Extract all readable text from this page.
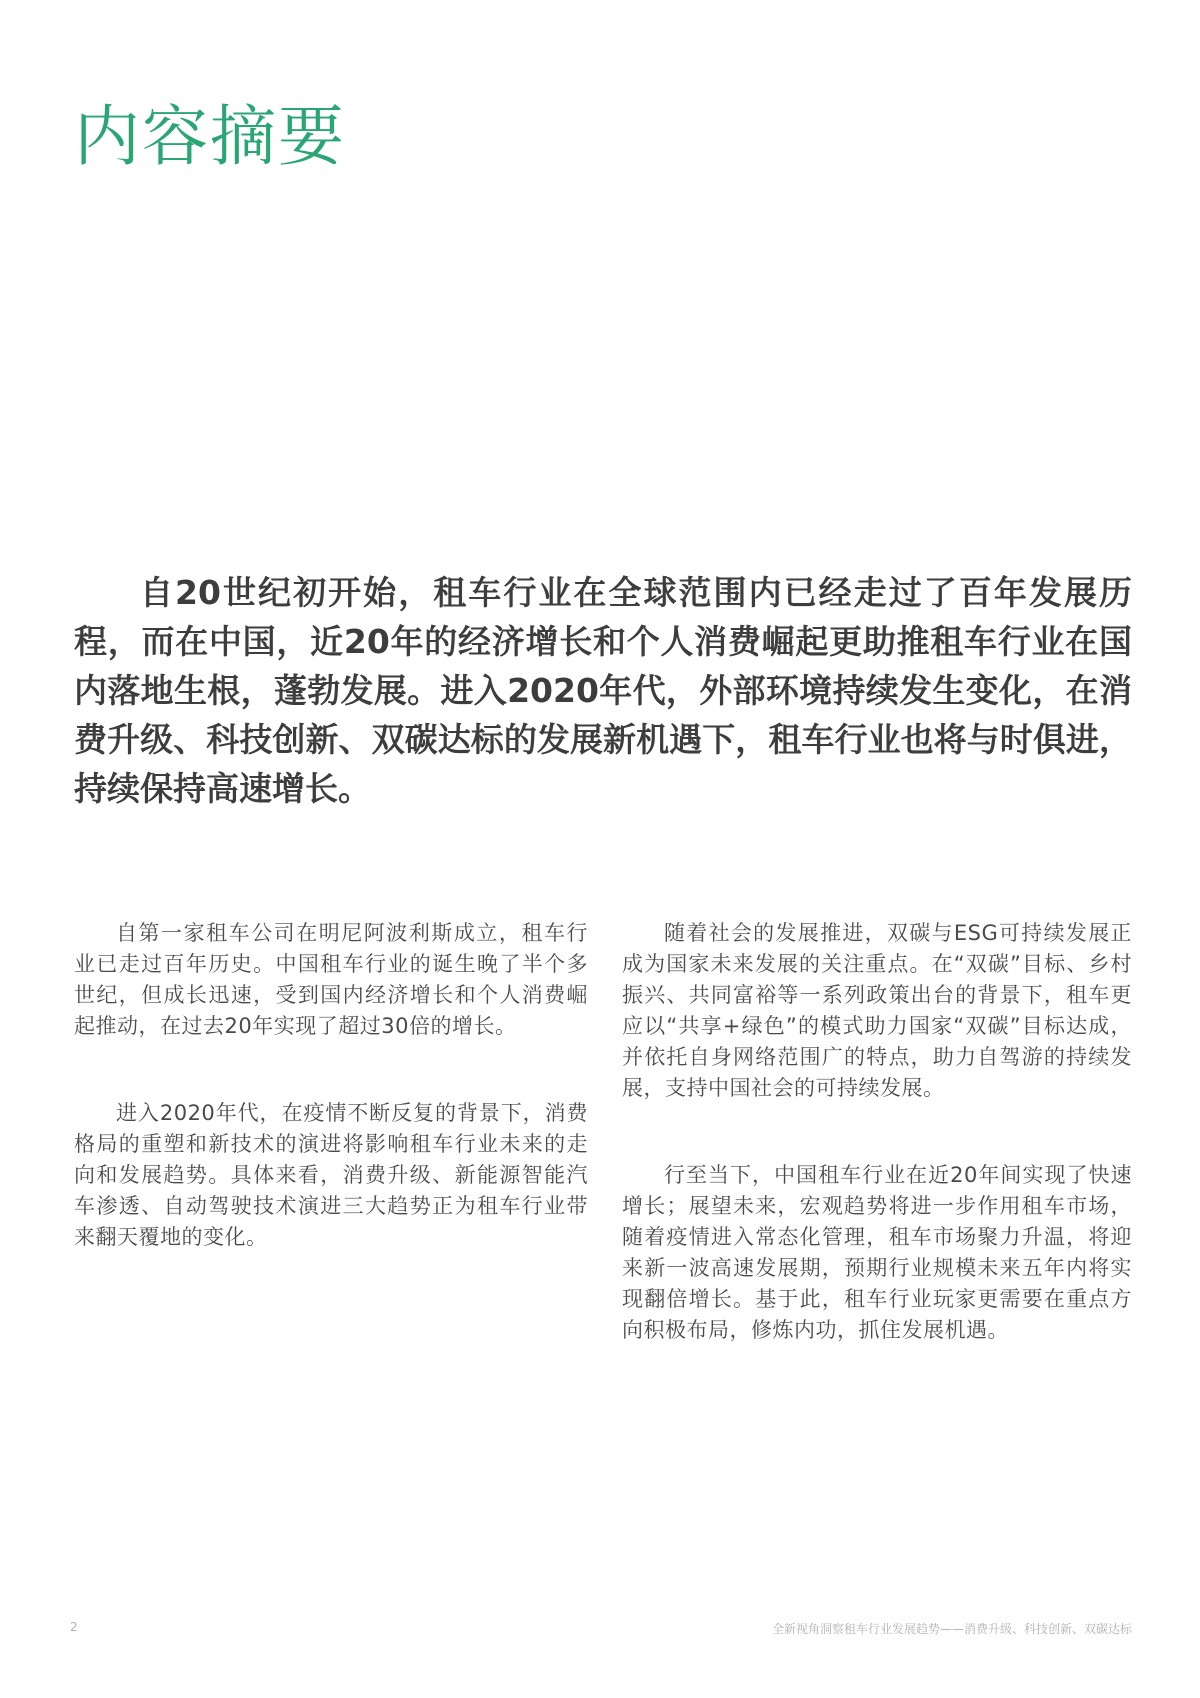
内容摘要

自20世纪初开始，租车行业在全球范围内已经走过了百年发展历程，而在中国，近20年的经济增长和个人消费崛起更助推租车行业在国内落地生根，蓬勃发展。进入2020年代，外部环境持续发生变化，在消费升级、科技创新、双碳达标的发展新机遇下，租车行业也将与时俱进，持续保持高速增长。

自第一家租车公司在明尼阿波利斯成立，租车行业已走过百年历史。中国租车行业的诞生晚了半个多世纪，但成长迅速，受到国内经济增长和个人消费崛起推动，在过去20年实现了超过30倍的增长。

进入2020年代，在疫情不断反复的背景下，消费格局的重塑和新技术的演进将影响租车行业未来的走向和发展趋势。具体来看，消费升级、新能源智能汽车渗透、自动驾驶技术演进三大趋势正为租车行业带来翻天覆地的变化。

随着社会的发展推进，双碳与ESG可持续发展正成为国家未来发展的关注重点。在“双碳”目标、乡村振兴、共同富裕等一系列政策出台的背景下，租车更应以“共享+绿色”的模式助力国家“双碳”目标达成，并依托自身网络范围广的特点，助力自驾游的持续发展，支持中国社会的可持续发展。

行至当下，中国租车行业在近20年间实现了快速增长；展望未来，宏观趋势将进一步作用租车市场，随着疫情进入常态化管理，租车市场聚力升温，将迎来新一波高速发展期，预期行业规模未来五年内将实现翻倍增长。基于此，租车行业玩家更需要在重点方向积极布局，修炼内功，抓住发展机遇。

2	全新视角洞察租车行业发展趋势——消费升级、科技创新、双碳达标
